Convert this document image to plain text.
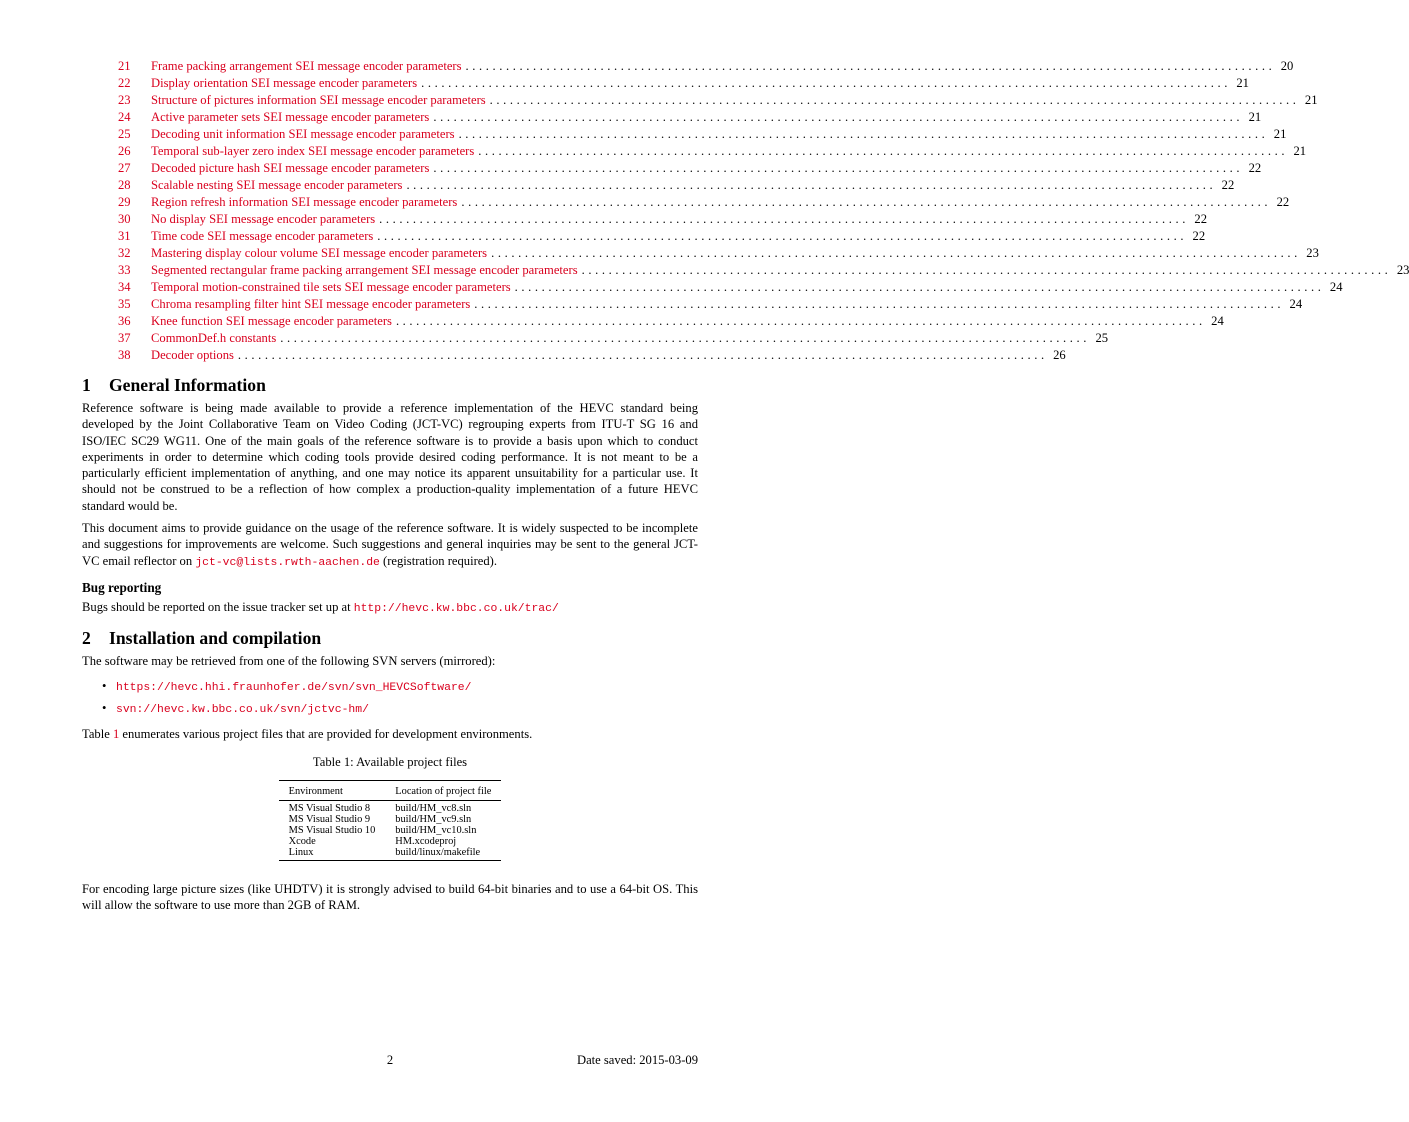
21	Frame packing arrangement SEI message encoder parameters ........................................................................................................................ 20
22	Display orientation SEI message encoder parameters ........................................................................................................................ 21
23	Structure of pictures information SEI message encoder parameters ........................................................................................................................ 21
24	Active parameter sets SEI message encoder parameters ........................................................................................................................ 21
25	Decoding unit information SEI message encoder parameters ........................................................................................................................ 21
26	Temporal sub-layer zero index SEI message encoder parameters ........................................................................................................................ 21
27	Decoded picture hash SEI message encoder parameters ........................................................................................................................ 22
28	Scalable nesting SEI message encoder parameters ........................................................................................................................ 22
29	Region refresh information SEI message encoder parameters ........................................................................................................................ 22
30	No display SEI message encoder parameters ........................................................................................................................ 22
31	Time code SEI message encoder parameters ........................................................................................................................ 22
32	Mastering display colour volume SEI message encoder parameters ........................................................................................................................ 23
33	Segmented rectangular frame packing arrangement SEI message encoder parameters ........................................................................................................................ 23
34	Temporal motion-constrained tile sets SEI message encoder parameters ........................................................................................................................ 24
35	Chroma resampling filter hint SEI message encoder parameters ........................................................................................................................ 24
36	Knee function SEI message encoder parameters ........................................................................................................................ 24
37	CommonDef.h constants ........................................................................................................................ 25
38	Decoder options ........................................................................................................................ 26
1 General Information

Reference software is being made available to provide a reference implementation of the HEVC standard being developed by the Joint Collaborative Team on Video Coding (JCT-VC) regrouping experts from ITU-T SG 16 and ISO/IEC SC29 WG11. One of the main goals of the reference software is to provide a basis upon which to conduct experiments in order to determine which coding tools provide desired coding performance. It is not meant to be a particularly efficient implementation of anything, and one may notice its apparent unsuitability for a particular use. It should not be construed to be a reflection of how complex a production-quality implementation of a future HEVC standard would be.

This document aims to provide guidance on the usage of the reference software. It is widely suspected to be incomplete and suggestions for improvements are welcome. Such suggestions and general inquiries may be sent to the general JCT-VC email reflector on jct-vc@lists.rwth-aachen.de (registration required).

Bug reporting

Bugs should be reported on the issue tracker set up at http://hevc.kw.bbc.co.uk/trac/

2 Installation and compilation

The software may be retrieved from one of the following SVN servers (mirrored):

• https://hevc.hhi.fraunhofer.de/svn/svn_HEVCSoftware/
• svn://hevc.kw.bbc.co.uk/svn/jctvc-hm/

Table 1 enumerates various project files that are provided for development environments.

Table 1: Available project files
Environment	Location of project file
MS Visual Studio 8	build/HM_vc8.sln
MS Visual Studio 9	build/HM_vc9.sln
MS Visual Studio 10	build/HM_vc10.sln
Xcode	HM.xcodeproj
Linux	build/linux/makefile

For encoding large picture sizes (like UHDTV) it is strongly advised to build 64-bit binaries and to use a 64-bit OS. This will allow the software to use more than 2GB of RAM.

2	Date saved: 2015-03-09
